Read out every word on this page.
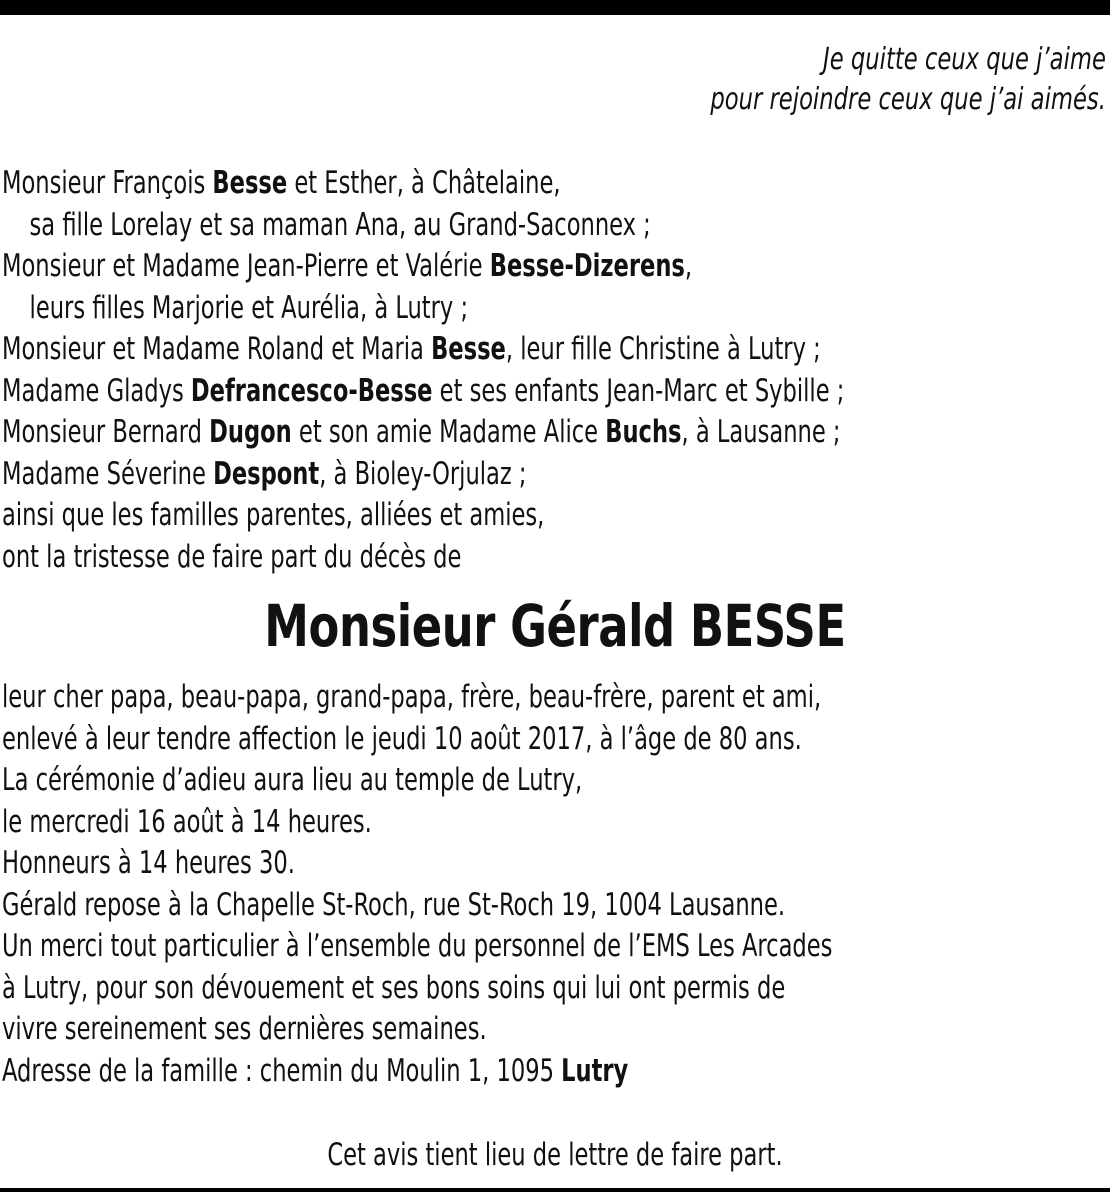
Je quitte ceux que j’aime
pour rejoindre ceux que j’ai aimés.
Monsieur François Besse et Esther, à Châtelaine,
sa fille Lorelay et sa maman Ana, au Grand-Saconnex ;
Monsieur et Madame Jean-Pierre et Valérie Besse-Dizerens,
leurs filles Marjorie et Aurélia, à Lutry ;
Monsieur et Madame Roland et Maria Besse, leur fille Christine à Lutry ;
Madame Gladys Defrancesco-Besse et ses enfants Jean-Marc et Sybille ;
Monsieur Bernard Dugon et son amie Madame Alice Buchs, à Lausanne ;
Madame Séverine Despont, à Bioley-Orjulaz ;
ainsi que les familles parentes, alliées et amies,
ont la tristesse de faire part du décès de
Monsieur Gérald BESSE
leur cher papa, beau-papa, grand-papa, frère, beau-frère, parent et ami,
enlevé à leur tendre affection le jeudi 10 août 2017, à l’âge de 80 ans.
La cérémonie d’adieu aura lieu au temple de Lutry,
le mercredi 16 août à 14 heures.
Honneurs à 14 heures 30.
Gérald repose à la Chapelle St-Roch, rue St-Roch 19, 1004 Lausanne.
Un merci tout particulier à l’ensemble du personnel de l’EMS Les Arcades
à Lutry, pour son dévouement et ses bons soins qui lui ont permis de
vivre sereinement ses dernières semaines.
Adresse de la famille : chemin du Moulin 1, 1095 Lutry
Cet avis tient lieu de lettre de faire part.
